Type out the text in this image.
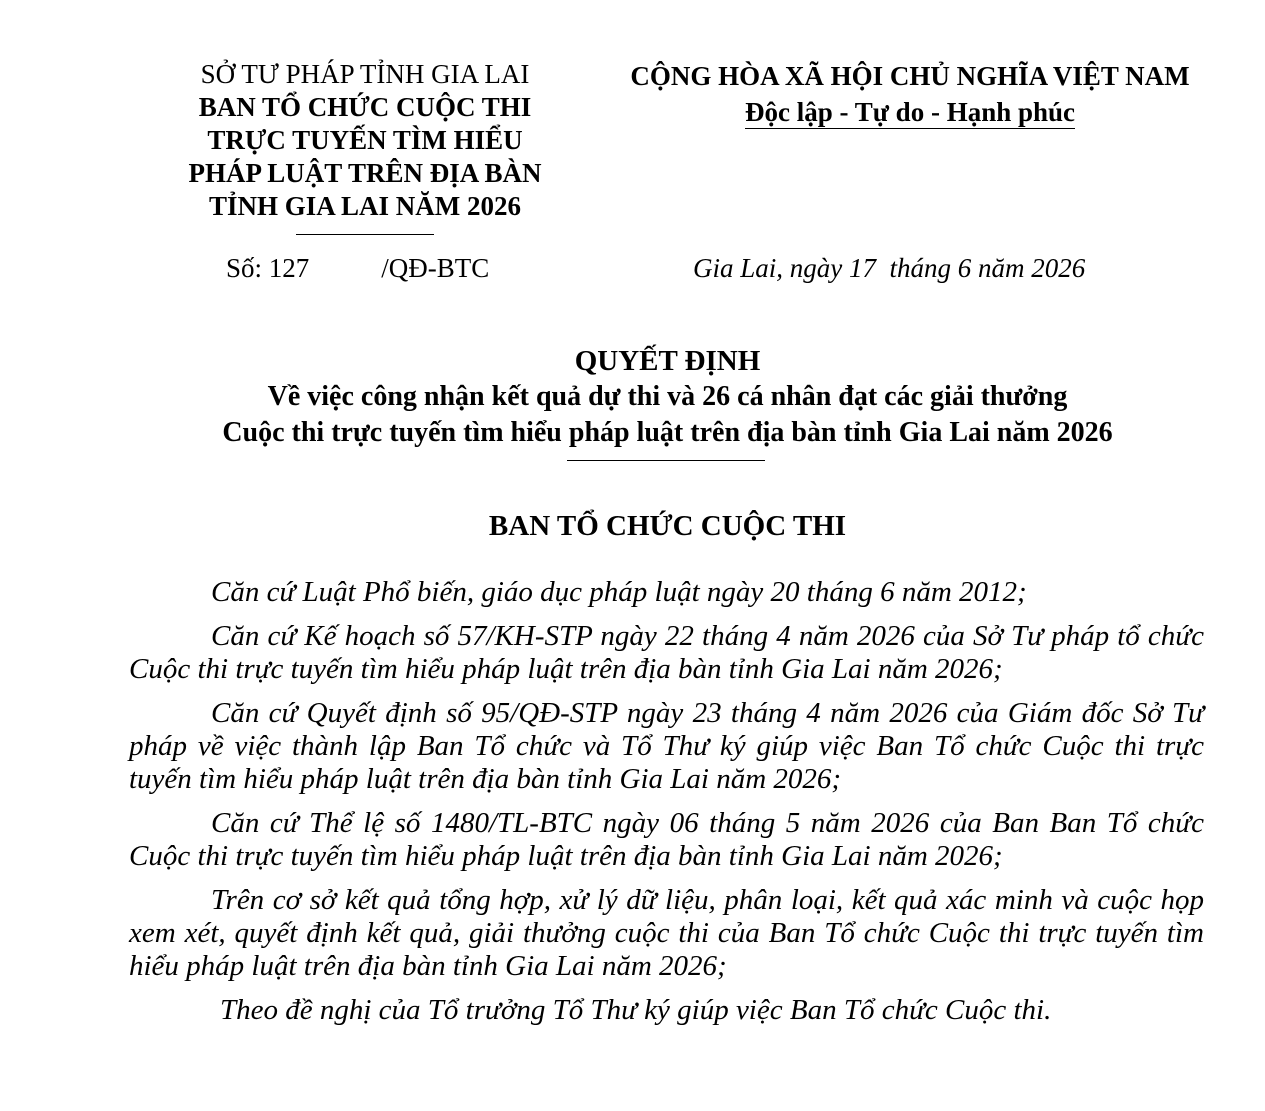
SỞ TƯ PHÁP TỈNH GIA LAI
BAN TỔ CHỨC CUỘC THI
TRỰC TUYẾN TÌM HIỂU
PHÁP LUẬT TRÊN ĐỊA BÀN
TỈNH GIA LAI NĂM 2026
CỘNG HÒA XÃ HỘI CHỦ NGHĨA VIỆT NAM
Độc lập - Tự do - Hạnh phúc
Số: 127	/QĐ-BTC	Gia Lai, ngày 17  tháng 6 năm 2026
QUYẾT ĐỊNH
Về việc công nhận kết quả dự thi và 26 cá nhân đạt các giải thưởng
Cuộc thi trực tuyến tìm hiểu pháp luật trên địa bàn tỉnh Gia Lai năm 2026
BAN TỔ CHỨC CUỘC THI

Căn cứ Luật Phổ biến, giáo dục pháp luật ngày 20 tháng 6 năm 2012;

Căn cứ Kế hoạch số 57/KH-STP ngày 22 tháng 4 năm 2026 của Sở Tư pháp tổ chức Cuộc thi trực tuyến tìm hiểu pháp luật trên địa bàn tỉnh Gia Lai năm 2026;

Căn cứ Quyết định số 95/QĐ-STP ngày 23 tháng 4 năm 2026 của Giám đốc Sở Tư pháp về việc thành lập Ban Tổ chức và Tổ Thư ký giúp việc Ban Tổ chức Cuộc thi trực tuyến tìm hiểu pháp luật trên địa bàn tỉnh Gia Lai năm 2026;

Căn cứ Thể lệ số 1480/TL-BTC ngày 06 tháng 5 năm 2026 của Ban Ban Tổ chức Cuộc thi trực tuyến tìm hiểu pháp luật trên địa bàn tỉnh Gia Lai năm 2026;

Trên cơ sở kết quả tổng hợp, xử lý dữ liệu, phân loại, kết quả xác minh và cuộc họp xem xét, quyết định kết quả, giải thưởng cuộc thi của Ban Tổ chức Cuộc thi trực tuyến tìm hiểu pháp luật trên địa bàn tỉnh Gia Lai năm 2026;

Theo đề nghị của Tổ trưởng Tổ Thư ký giúp việc Ban Tổ chức Cuộc thi.
